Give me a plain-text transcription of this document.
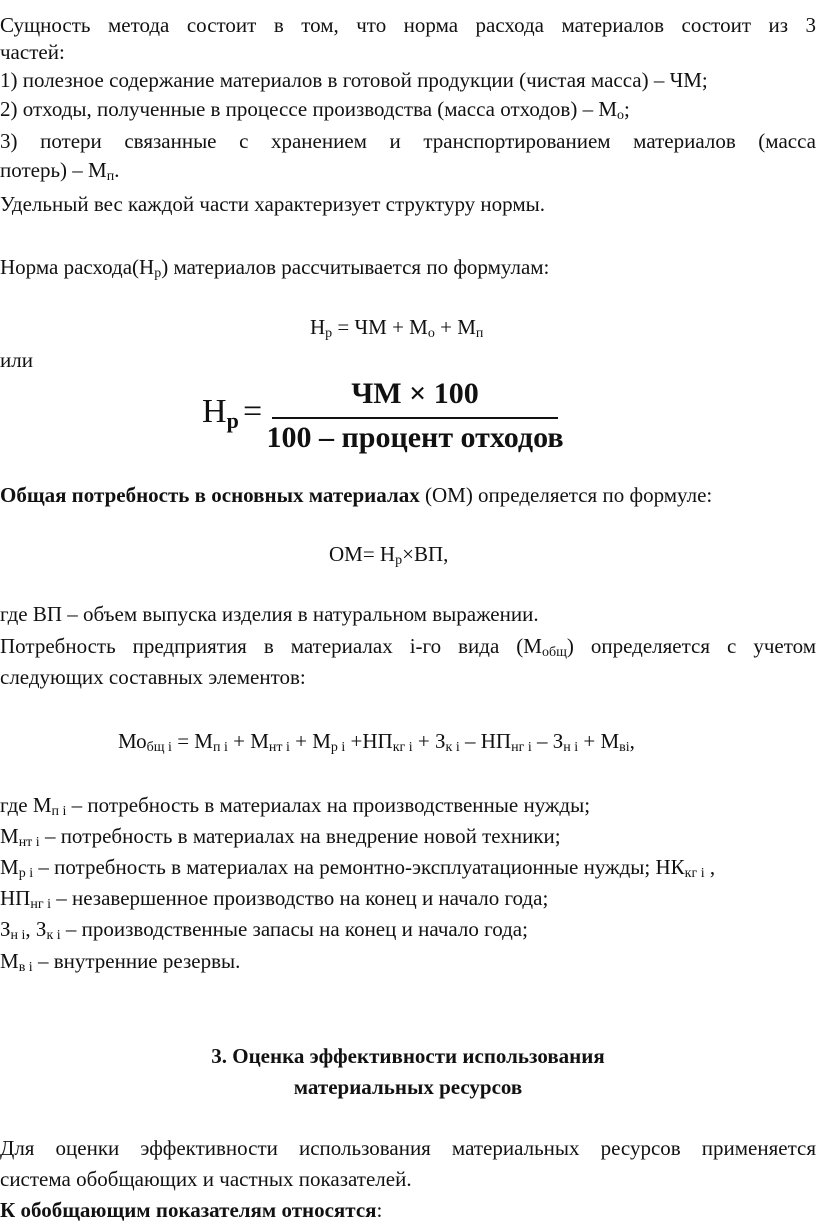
Сущность метода состоит в том, что норма расхода материалов состоит из 3
частей:
1) полезное содержание материалов в готовой продукции (чистая масса) – ЧМ;
2) отходы, полученные в процессе производства (масса отходов) – $М_о$;
3) потери связанные с хранением и транспортированием материалов (масса
потерь) – $М_п$.
Удельный вес каждой части характеризует структуру нормы.
Норма $расхода(Н_р)$ материалов рассчитывается по формулам:
$Н_р$ = ЧМ + $М_о + М_п$
или
$Н_р$ =	ЧМ × 100
100 – процент отходов
Общая потребность в основных материалах (ОМ) определяется по формуле:
$ОМ= Н_р\times ВП$,
где ВП – объем выпуска изделия в натуральном выражении.
Потребность предприятия в материалах i-го вида $(М_{общ})$ определяется с учетом
следующих составных элементов:
$Мо_{бщ i} = М_{п i} + М_{нт i} + М_{р i} +НП_{кг i} + З_{к i} - НП_{нг i} - З_{н i} + М_{вi}$,
где $М_{п i}$ – потребность в материалах на производственные нужды;
$М_{нт i}$ – потребность в материалах на внедрение новой техники;
$М_{р i}$ – потребность в материалах на ремонтно-эксплуатационные нужды; $НК_{кг i}$ ,
$НП_{нг i}$ – незавершенное производство на конец и начало года;
$З_{н i}$, $З_{к i}$ – производственные запасы на конец и начало года;
$М_{в i}$ – внутренние резервы.
3. Оценка эффективности использования
материальных ресурсов
Для оценки эффективности использования материальных ресурсов применяется
система обобщающих и частных показателей.
К обобщающим показателям относятся:
